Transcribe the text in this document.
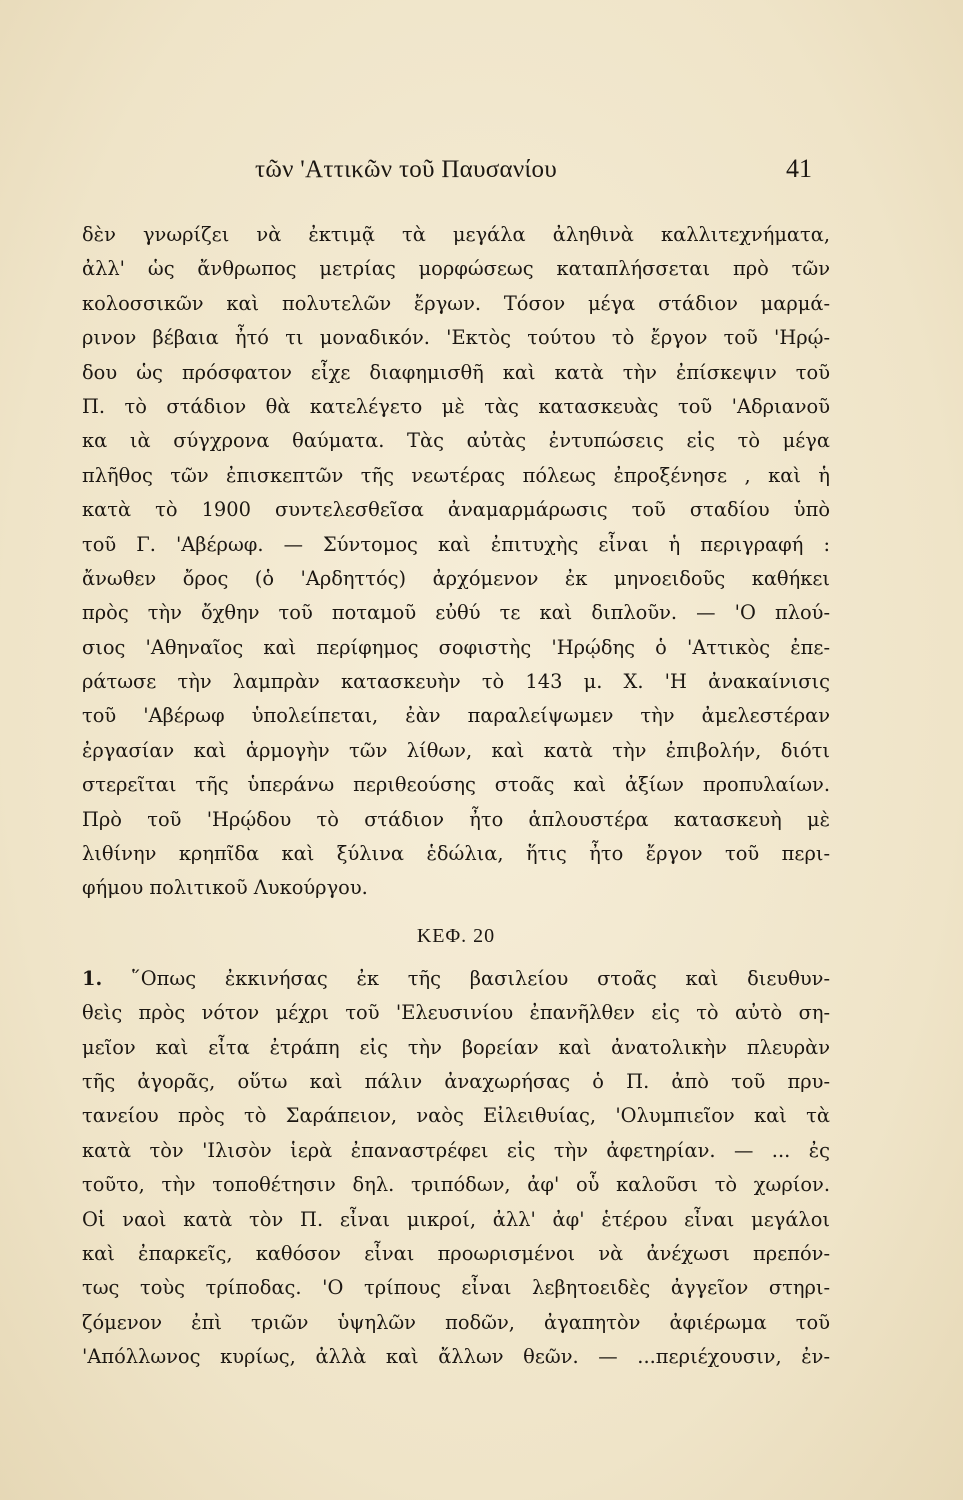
τῶν 'Αττικῶν τοῦ Παυσανίου	41
δὲν γνωρίζει νὰ ἐκτιμᾷ τὰ μεγάλα ἀληθινὰ καλλιτεχνήματα,
ἀλλ' ὡς ἄνθρωπος μετρίας μορφώσεως καταπλήσσεται πρὸ τῶν
κολοσσικῶν καὶ πολυτελῶν ἔργων. Τόσον μέγα στάδιον μαρμά-
ρινον βέβαια ἦτό τι μοναδικόν. 'Εκτὸς τούτου τὸ ἔργον τοῦ 'Ηρῴ-
δου ὡς πρόσφατον εἶχε διαφημισθῆ καὶ κατὰ τὴν ἐπίσκεψιν τοῦ
Π. τὸ στάδιον θὰ κατελέγετο μὲ τὰς κατασκευὰς τοῦ 'Αδριανοῦ
κα ιὰ σύγχρονα θαύματα. Τὰς αὐτὰς ἐντυπώσεις εἰς τὸ μέγα
πλῆθος τῶν ἐπισκεπτῶν τῆς νεωτέρας πόλεως ἐπροξένησε , καὶ ἡ
κατὰ τὸ 1900 συντελεσθεῖσα ἀναμαρμάρωσις τοῦ σταδίου ὑπὸ
τοῦ Γ. 'Αβέρωφ. — Σύντομος καὶ ἐπιτυχὴς εἶναι ἡ περιγραφή :
ἄνωθεν ὄρος (ὁ 'Αρδηττός) ἀρχόμενον ἐκ μηνοειδοῦς καθήκει
πρὸς τὴν ὄχθην τοῦ ποταμοῦ εὐθύ τε καὶ διπλοῦν. — 'Ο πλού-
σιος 'Αθηναῖος καὶ περίφημος σοφιστὴς 'Ηρῴδης ὁ 'Αττικὸς ἐπε-
ράτωσε τὴν λαμπρὰν κατασκευὴν τὸ 143 μ. Χ. 'Η ἀνακαίνισις
τοῦ 'Αβέρωφ ὑπολείπεται, ἐὰν παραλείψωμεν τὴν ἀμελεστέραν
ἐργασίαν καὶ ἁρμογὴν τῶν λίθων, καὶ κατὰ τὴν ἐπιβολήν, διότι
στερεῖται τῆς ὑπεράνω περιθεούσης στοᾶς καὶ ἀξίων προπυλαίων.
Πρὸ τοῦ 'Ηρῴδου τὸ στάδιον ἦτο ἁπλουστέρα κατασκευὴ μὲ
λιθίνην κρηπῖδα καὶ ξύλινα ἑδώλια, ἥτις ἦτο ἔργον τοῦ περι-
φήμου πολιτικοῦ Λυκούργου.
ΚΕΦ. 20
1. ῞Οπως ἐκκινήσας ἐκ τῆς βασιλείου στοᾶς καὶ διευθυν-
θεὶς πρὸς νότον μέχρι τοῦ 'Ελευσινίου ἐπανῆλθεν εἰς τὸ αὐτὸ ση-
μεῖον καὶ εἶτα ἐτράπη εἰς τὴν βορείαν καὶ ἀνατολικὴν πλευρὰν
τῆς ἀγορᾶς, οὕτω καὶ πάλιν ἀναχωρήσας ὁ Π. ἀπὸ τοῦ πρυ-
τανείου πρὸς τὸ Σαράπειον, ναὸς Εἰλειθυίας, 'Ολυμπιεῖον καὶ τὰ
κατὰ τὸν 'Ιλισὸν ἱερὰ ἐπαναστρέφει εἰς τὴν ἀφετηρίαν. — ... ἐς
τοῦτο, τὴν τοποθέτησιν δηλ. τριπόδων, ἀφ' οὗ καλοῦσι τὸ χωρίον.
Οἱ ναοὶ κατὰ τὸν Π. εἶναι μικροί, ἀλλ' ἀφ' ἑτέρου εἶναι μεγάλοι
καὶ ἐπαρκεῖς, καθόσον εἶναι προωρισμένοι νὰ ἀνέχωσι πρεπόν-
τως τοὺς τρίποδας. 'Ο τρίπους εἶναι λεβητοειδὲς ἀγγεῖον στηρι-
ζόμενον ἐπὶ τριῶν ὑψηλῶν ποδῶν, ἀγαπητὸν ἀφιέρωμα τοῦ
'Απόλλωνος κυρίως, ἀλλὰ καὶ ἄλλων θεῶν. — ...περιέχουσιν, ἐν-
